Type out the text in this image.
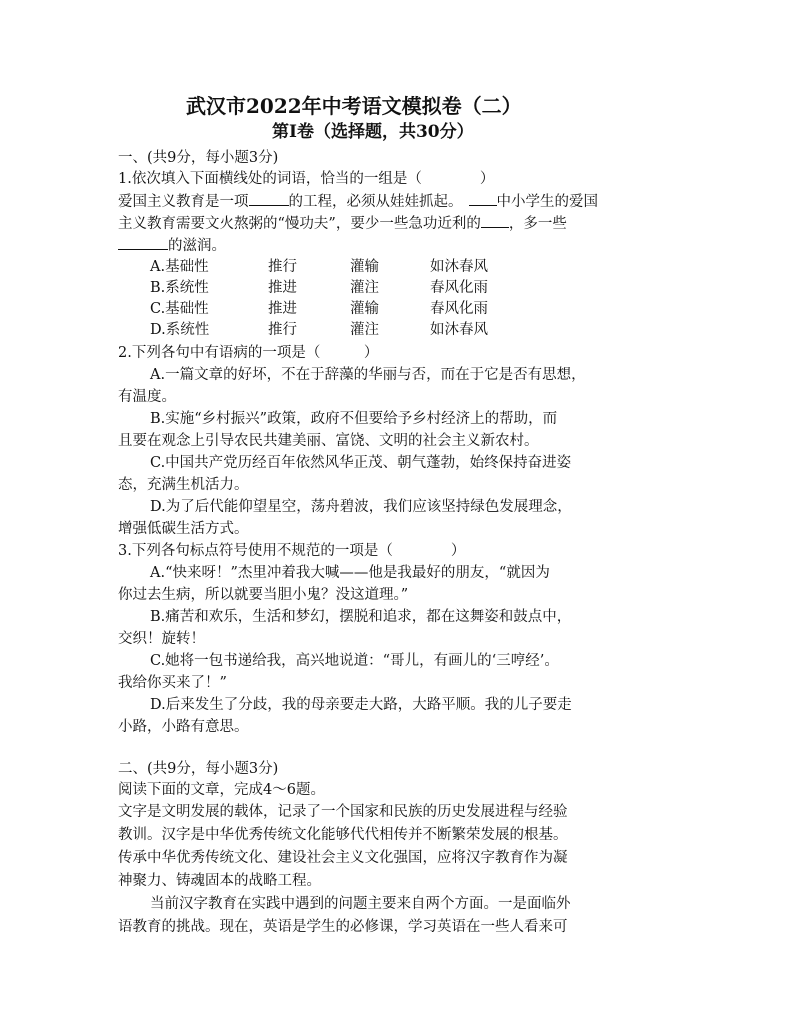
武汉市2022年中考语文模拟卷（二）
第Ⅰ卷（选择题，共30分）
一、(共9分，每小题3分)
1.依次填入下面横线处的词语，恰当的一组是（　　　　）
爱国主义教育是一项	的工程，必须从娃娃抓起。 中小学生的爱国
主义教育需要文火熬粥的“慢功夫”，要少一些急功近利的 ，多一些
的滋润。
A.基础性	推行	灌输	如沐春风
B.系统性	推进	灌注	春风化雨
C.基础性	推进	灌输	春风化雨
D.系统性	推行	灌注	如沐春风
2.下列各句中有语病的一项是（　　　）
A.一篇文章的好坏，不在于辞藻的华丽与否，而在于它是否有思想，
有温度。
B.实施“乡村振兴”政策，政府不但要给予乡村经济上的帮助，而
且要在观念上引导农民共建美丽、富饶、文明的社会主义新农村。
C.中国共产党历经百年依然风华正茂、朝气蓬勃，始终保持奋进姿
态，充满生机活力。
D.为了后代能仰望星空，荡舟碧波，我们应该坚持绿色发展理念，
增强低碳生活方式。
3.下列各句标点符号使用不规范的一项是（　　　　）
A.“快来呀！”杰里冲着我大喊——他是我最好的朋友，“就因为
你过去生病，所以就要当胆小鬼？没这道理。”
B.痛苦和欢乐，生活和梦幻，摆脱和追求，都在这舞姿和鼓点中，
交织！旋转！
C.她将一包书递给我，高兴地说道：“哥儿，有画儿的‘三哼经’。
我给你买来了！”
D.后来发生了分歧，我的母亲要走大路，大路平顺。我的儿子要走
小路，小路有意思。
二、(共9分，每小题3分)
阅读下面的文章，完成4～6题。
文字是文明发展的载体，记录了一个国家和民族的历史发展进程与经验
教训。汉字是中华优秀传统文化能够代代相传并不断繁荣发展的根基。
传承中华优秀传统文化、建设社会主义文化强国，应将汉字教育作为凝
神聚力、铸魂固本的战略工程。
当前汉字教育在实践中遇到的问题主要来自两个方面。一是面临外
语教育的挑战。现在，英语是学生的必修课，学习英语在一些人看来可
